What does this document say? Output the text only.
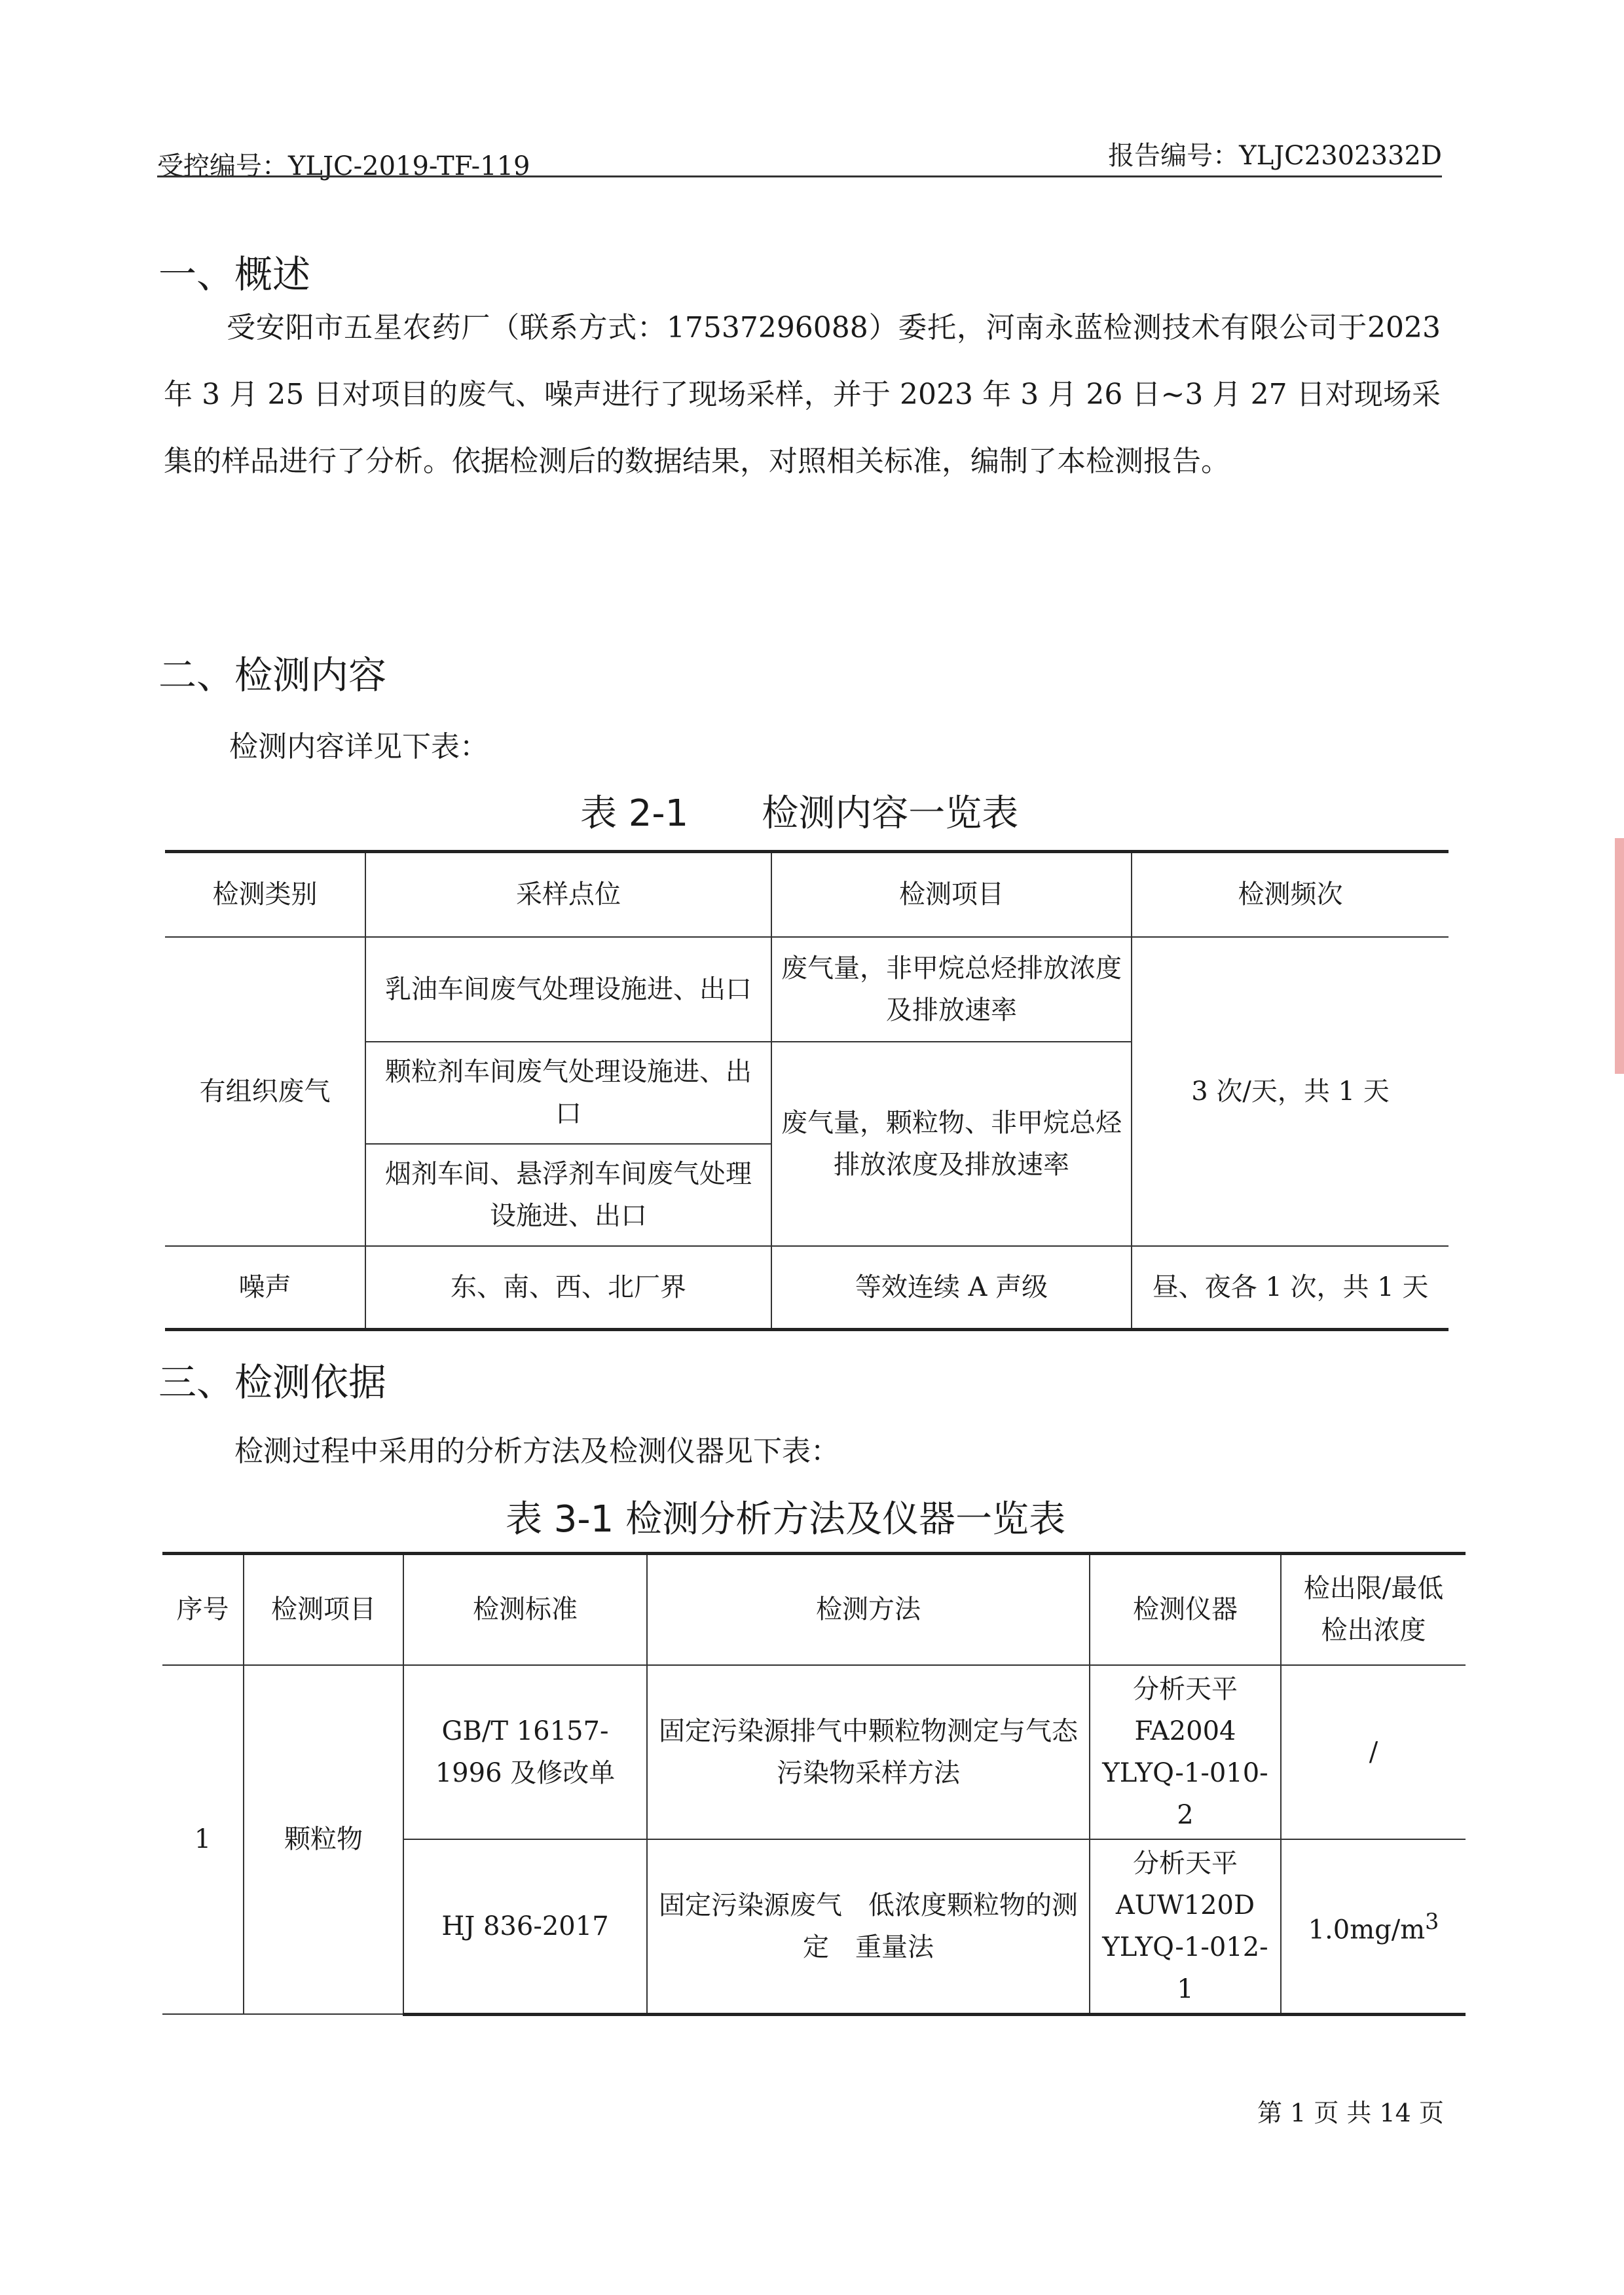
受控编号：YLJC-2019-TF-119	报告编号：YLJC2302332D
一、概述
受安阳市五星农药厂（联系方式：17537296088）委托，河南永蓝检测技术有限公司于2023 年 3 月 25 日对项目的废气、噪声进行了现场采样，并于 2023 年 3 月 26 日~3 月 27 日对现场采集的样品进行了分析。依据检测后的数据结果，对照相关标准，编制了本检测报告。
二、检测内容
检测内容详见下表：
表 2-1　　检测内容一览表
检测类别	采样点位	检测项目	检测频次
有组织废气	乳油车间废气处理设施进、出口	废气量，非甲烷总烃排放浓度及排放速率	3 次/天，共 1 天
	颗粒剂车间废气处理设施进、出口	废气量，颗粒物、非甲烷总烃排放浓度及排放速率	
	烟剂车间、悬浮剂车间废气处理设施进、出口		
噪声	东、南、西、北厂界	等效连续 A 声级	昼、夜各 1 次，共 1 天
三、检测依据
检测过程中采用的分析方法及检测仪器见下表：
表 3-1 检测分析方法及仪器一览表
序号	检测项目	检测标准	检测方法	检测仪器	检出限/最低检出浓度
1	颗粒物	GB/T 16157-1996 及修改单	固定污染源排气中颗粒物测定与气态污染物采样方法	分析天平 FA2004 YLYQ-1-010-2	/
		HJ 836-2017	固定污染源废气　低浓度颗粒物的测定　重量法	分析天平 AUW120D YLYQ-1-012-1	$1.0mg/m^3$
第 1 页 共 14 页
